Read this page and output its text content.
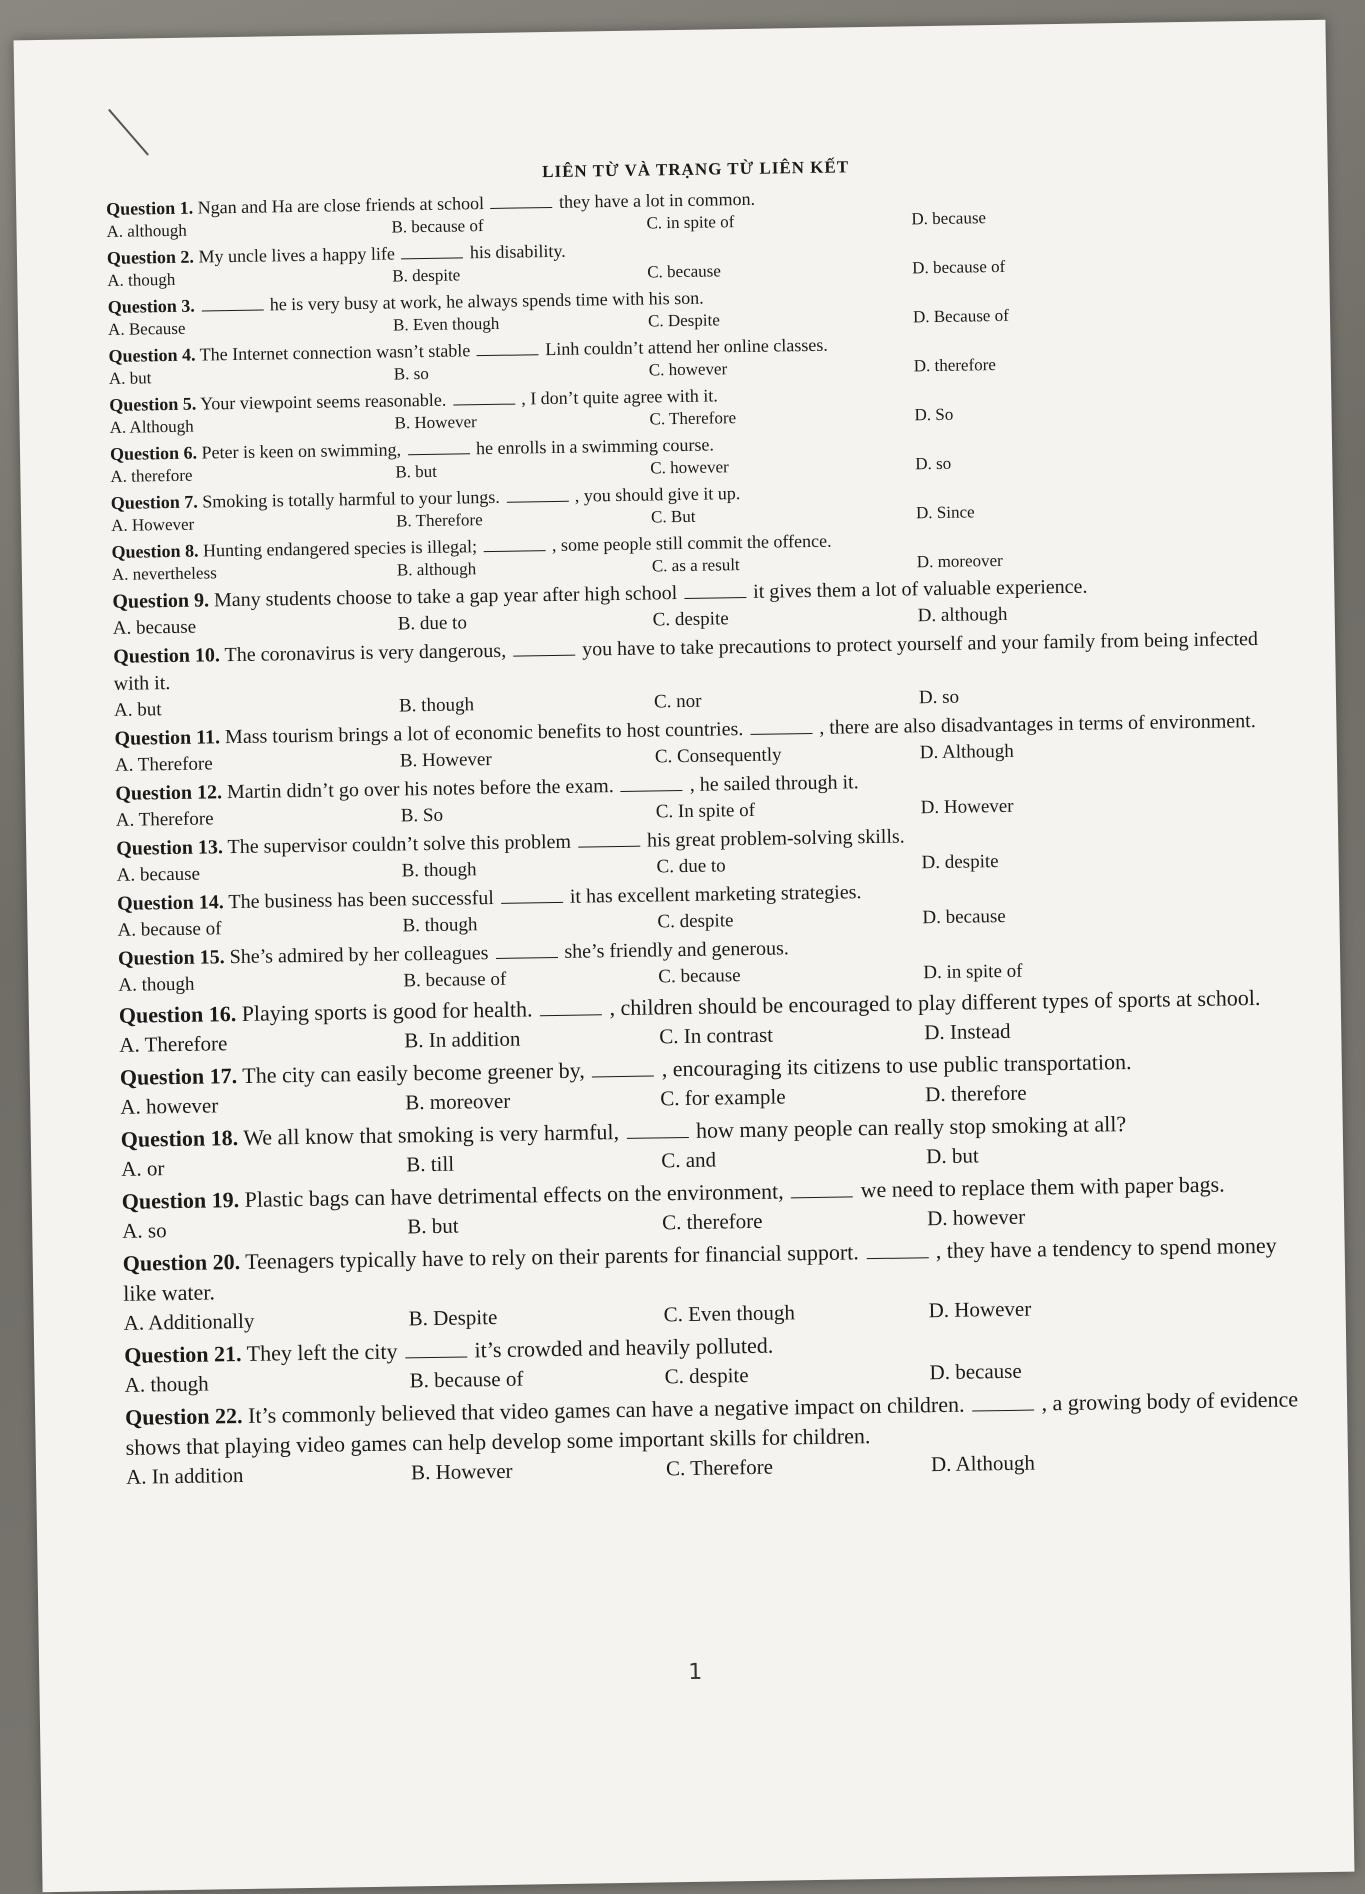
LIÊN TỪ VÀ TRẠNG TỪ LIÊN KẾT
Question 1. Ngan and Ha are close friends at school	they have a lot in common.
A. although	B. because of	C. in spite of	D. because
Question 2. My uncle lives a happy life	his disability.
A. though	B. despite	C. because	D. because of
Question 3.	he is very busy at work, he always spends time with his son.
A. Because	B. Even though	C. Despite	D. Because of
Question 4. The Internet connection wasn’t stable	Linh couldn’t attend her online classes.
A. but	B. so	C. however	D. therefore
Question 5. Your viewpoint seems reasonable.	, I don’t quite agree with it.
A. Although	B. However	C. Therefore	D. So
Question 6. Peter is keen on swimming,	he enrolls in a swimming course.
A. therefore	B. but	C. however	D. so
Question 7. Smoking is totally harmful to your lungs.	, you should give it up.
A. However	B. Therefore	C. But	D. Since
Question 8. Hunting endangered species is illegal;	, some people still commit the offence.
A. nevertheless	B. although	C. as a result	D. moreover
Question 9. Many students choose to take a gap year after high school	it gives them a lot of valuable experience.
A. because	B. due to	C. despite	D. although
Question 10. The coronavirus is very dangerous,	you have to take precautions to protect yourself and your family from being infected with it.
A. but	B. though	C. nor	D. so
Question 11. Mass tourism brings a lot of economic benefits to host countries.	, there are also disadvantages in terms of environment.
A. Therefore	B. However	C. Consequently	D. Although
Question 12. Martin didn’t go over his notes before the exam.	, he sailed through it.
A. Therefore	B. So	C. In spite of	D. However
Question 13. The supervisor couldn’t solve this problem	his great problem-solving skills.
A. because	B. though	C. due to	D. despite
Question 14. The business has been successful	it has excellent marketing strategies.
A. because of	B. though	C. despite	D. because
Question 15. She’s admired by her colleagues	she’s friendly and generous.
A. though	B. because of	C. because	D. in spite of
Question 16. Playing sports is good for health.	, children should be encouraged to play different types of sports at school.
A. Therefore	B. In addition	C. In contrast	D. Instead
Question 17. The city can easily become greener by,	, encouraging its citizens to use public transportation.
A. however	B. moreover	C. for example	D. therefore
Question 18. We all know that smoking is very harmful,	how many people can really stop smoking at all?
A. or	B. till	C. and	D. but
Question 19. Plastic bags can have detrimental effects on the environment,	we need to replace them with paper bags.
A. so	B. but	C. therefore	D. however
Question 20. Teenagers typically have to rely on their parents for financial support.	, they have a tendency to spend money like water.
A. Additionally	B. Despite	C. Even though	D. However
Question 21. They left the city	it’s crowded and heavily polluted.
A. though	B. because of	C. despite	D. because
Question 22. It’s commonly believed that video games can have a negative impact on children.	, a growing body of evidence shows that playing video games can help develop some important skills for children.
A. In addition	B. However	C. Therefore	D. Although
1
